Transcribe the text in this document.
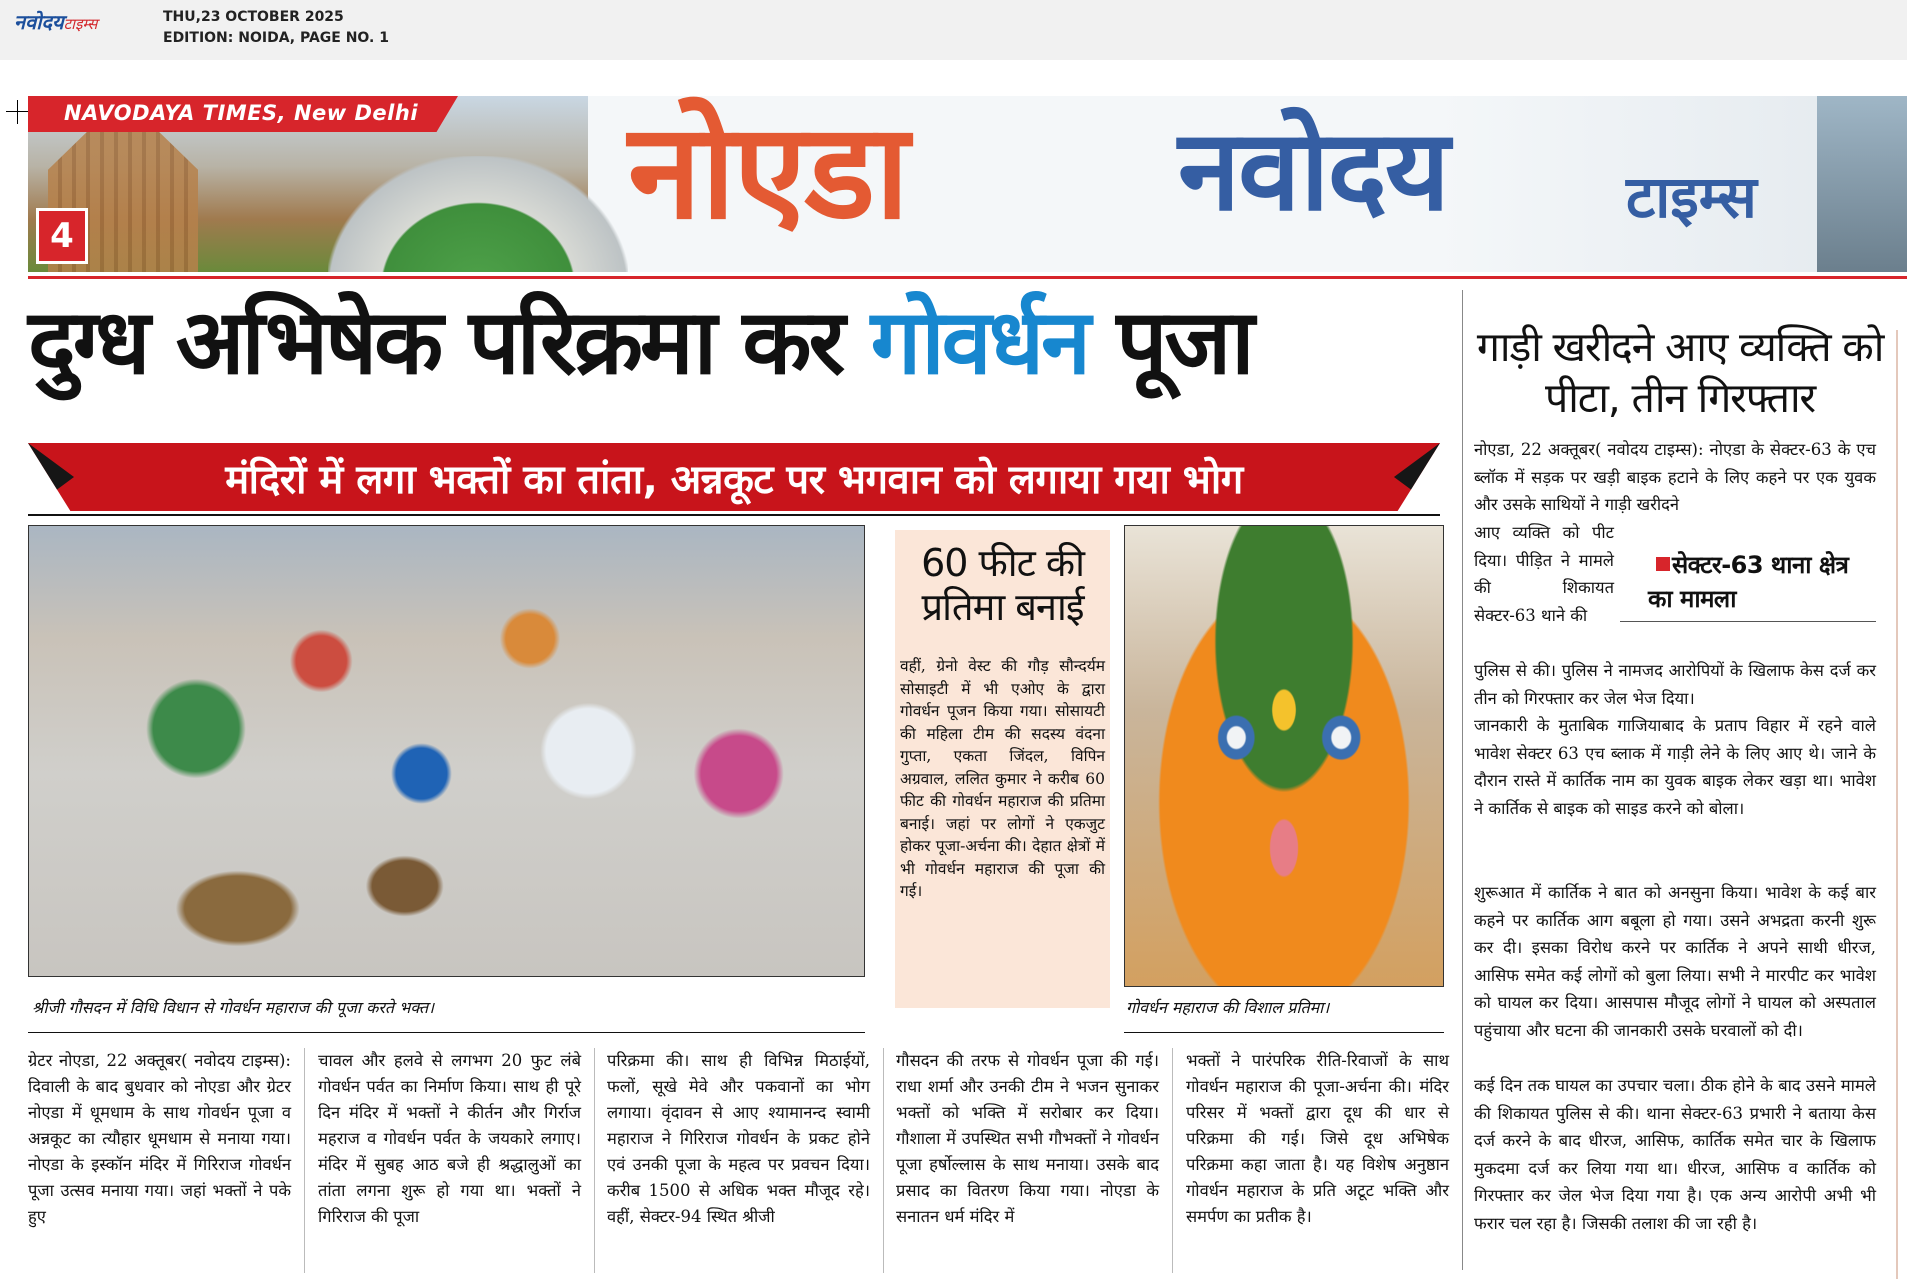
नवोदयटाइम्स	THU,23 OCTOBER 2025
EDITION: NOIDA, PAGE NO. 1
NAVODAYA TIMES, New Delhi
4	नोएडा नवोदय	टाइम्स
दुग्ध अभिषेक परिक्रमा कर गोवर्धन पूजा
मंदिरों में लगा भक्तों का तांता, अन्नकूट पर भगवान को लगाया गया भोग
श्रीजी गौसदन में विधि विधान से गोवर्धन महाराज की पूजा करते भक्त।	गोवर्धन महाराज की विशाल प्रतिमा।
60 फीट की प्रतिमा बनाई
वहीं, ग्रेनो वेस्ट की गौड़ सौन्दर्यम सोसाइटी में भी एओए के द्वारा गोवर्धन पूजन किया गया। सोसायटी की महिला टीम की सदस्य वंदना गुप्ता, एकता जिंदल, विपिन अग्रवाल, ललित कुमार ने करीब 60 फीट की गोवर्धन महाराज की प्रतिमा बनाई। जहां पर लोगों ने एकजुट होकर पूजा-अर्चना की। देहात क्षेत्रों में भी गोवर्धन महाराज की पूजा की गई।
ग्रेटर नोएडा, 22 अक्तूबर( नवोदय टाइम्स): दिवाली के बाद बुधवार को नोएडा और ग्रेटर नोएडा में धूमधाम के साथ गोवर्धन पूजा व अन्नकूट का त्यौहार धूमधाम से मनाया गया। नोएडा के इस्कॉन मंदिर में गिरिराज गोवर्धन पूजा उत्सव मनाया गया। जहां भक्तों ने पके हुए
चावल और हलवे से लगभग 20 फुट लंबे गोवर्धन पर्वत का निर्माण किया। साथ ही पूरे दिन मंदिर में भक्तों ने कीर्तन और गिर्राज महराज व गोवर्धन पर्वत के जयकारे लगाए। मंदिर में सुबह आठ बजे ही श्रद्धालुओं का तांता लगना शुरू हो गया था। भक्तों ने गिरिराज की पूजा
परिक्रमा की। साथ ही विभिन्न मिठाईयों, फलों, सूखे मेवे और पकवानों का भोग लगाया। वृंदावन से आए श्यामानन्द स्वामी महाराज ने गिरिराज गोवर्धन के प्रकट होने एवं उनकी पूजा के महत्व पर प्रवचन दिया। करीब 1500 से अधिक भक्त मौजूद रहे। वहीं, सेक्टर-94 स्थित श्रीजी
गौसदन की तरफ से गोवर्धन पूजा की गई। राधा शर्मा और उनकी टीम ने भजन सुनाकर भक्तों को भक्ति में सरोबार कर दिया। गौशाला में उपस्थित सभी गौभक्तों ने गोवर्धन पूजा हर्षोल्लास के साथ मनाया। उसके बाद प्रसाद का वितरण किया गया। नोएडा के सनातन धर्म मंदिर में
भक्तों ने पारंपरिक रीति-रिवाजों के साथ गोवर्धन महाराज की पूजा-अर्चना की। मंदिर परिसर में भक्तों द्वारा दूध की धार से परिक्रमा की गई। जिसे दूध अभिषेक परिक्रमा कहा जाता है। यह विशेष अनुष्ठान गोवर्धन महाराज के प्रति अटूट भक्ति और समर्पण का प्रतीक है।
गाड़ी खरीदने आए व्यक्ति को पीटा, तीन गिरफ्तार
नोएडा, 22 अक्तूबर( नवोदय टाइम्स): नोएडा के सेक्टर-63 के एच ब्लॉक में सड़क पर खड़ी बाइक हटाने के लिए कहने पर एक युवक और उसके साथियों ने गाड़ी खरीदने
आए व्यक्ति को पीट दिया। पीड़ित ने मामले की शिकायत सेक्टर-63 थाने की
सेक्टर-63 थाना क्षेत्र का मामला
पुलिस से की। पुलिस ने नामजद आरोपियों के खिलाफ केस दर्ज कर तीन को गिरफ्तार कर जेल भेज दिया।
जानकारी के मुताबिक गाजियाबाद के प्रताप विहार में रहने वाले भावेश सेक्टर 63 एच ब्लाक में गाड़ी लेने के लिए आए थे। जाने के दौरान रास्ते में कार्तिक नाम का युवक बाइक लेकर खड़ा था। भावेश ने कार्तिक से बाइक को साइड करने को बोला।
शुरूआत में कार्तिक ने बात को अनसुना किया। भावेश के कई बार कहने पर कार्तिक आग बबूला हो गया। उसने अभद्रता करनी शुरू कर दी। इसका विरोध करने पर कार्तिक ने अपने साथी धीरज, आसिफ समेत कई लोगों को बुला लिया। सभी ने मारपीट कर भावेश को घायल कर दिया। आसपास मौजूद लोगों ने घायल को अस्पताल पहुंचाया और घटना की जानकारी उसके घरवालों को दी।
कई दिन तक घायल का उपचार चला। ठीक होने के बाद उसने मामले की शिकायत पुलिस से की। थाना सेक्टर-63 प्रभारी ने बताया केस दर्ज करने के बाद धीरज, आसिफ, कार्तिक समेत चार के खिलाफ मुकदमा दर्ज कर लिया गया था। धीरज, आसिफ व कार्तिक को गिरफ्तार कर जेल भेज दिया गया है। एक अन्य आरोपी अभी भी फरार चल रहा है। जिसकी तलाश की जा रही है।
